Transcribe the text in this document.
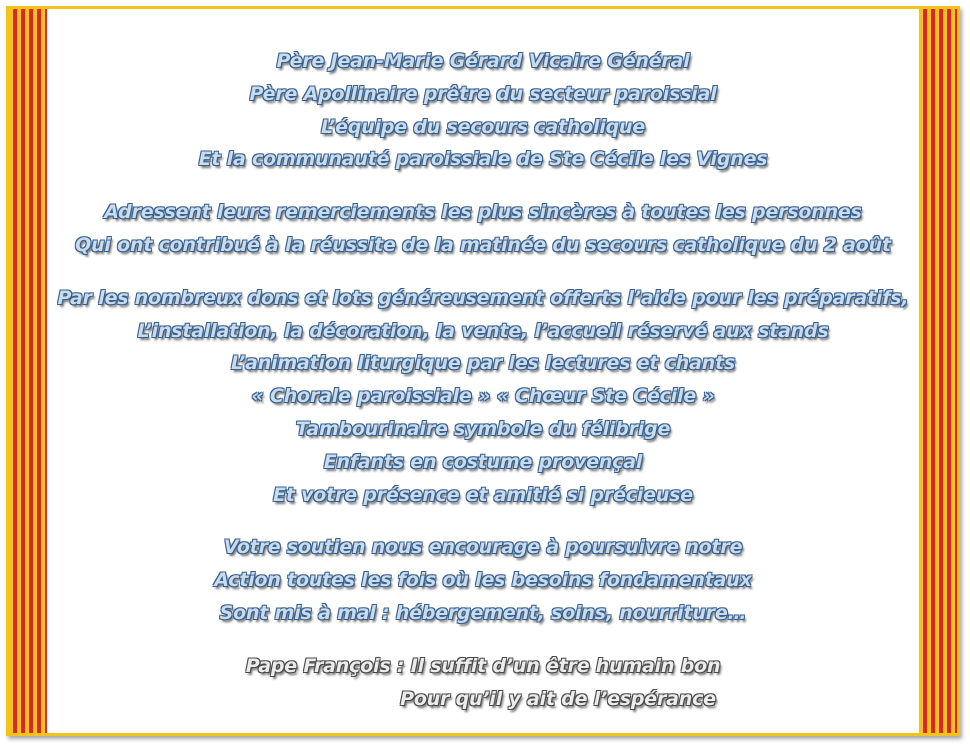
Père Jean-Marie Gérard Vicaire Général
Père Apollinaire prêtre du secteur paroissial
L’équipe du secours catholique
Et la communauté paroissiale de Ste Cécile les Vignes
Adressent leurs remerciements les plus sincères à toutes les personnes
Qui ont contribué à la réussite de la matinée du secours catholique du 2 août
Par les nombreux dons et lots généreusement offerts l’aide pour les préparatifs,
L’installation, la décoration, la vente, l’accueil réservé aux stands
L’animation liturgique par les lectures et chants
« Chorale paroissiale » « Chœur Ste Cécile »
Tambourinaire symbole du félibrige
Enfants en costume provençal
Et votre présence et amitié si précieuse
Votre soutien nous encourage à poursuivre notre
Action toutes les fois où les besoins fondamentaux
Sont mis à mal : hébergement, soins, nourriture…
Pape François : Il suffit d’un être humain bon
Pour qu’il y ait de l’espérance
